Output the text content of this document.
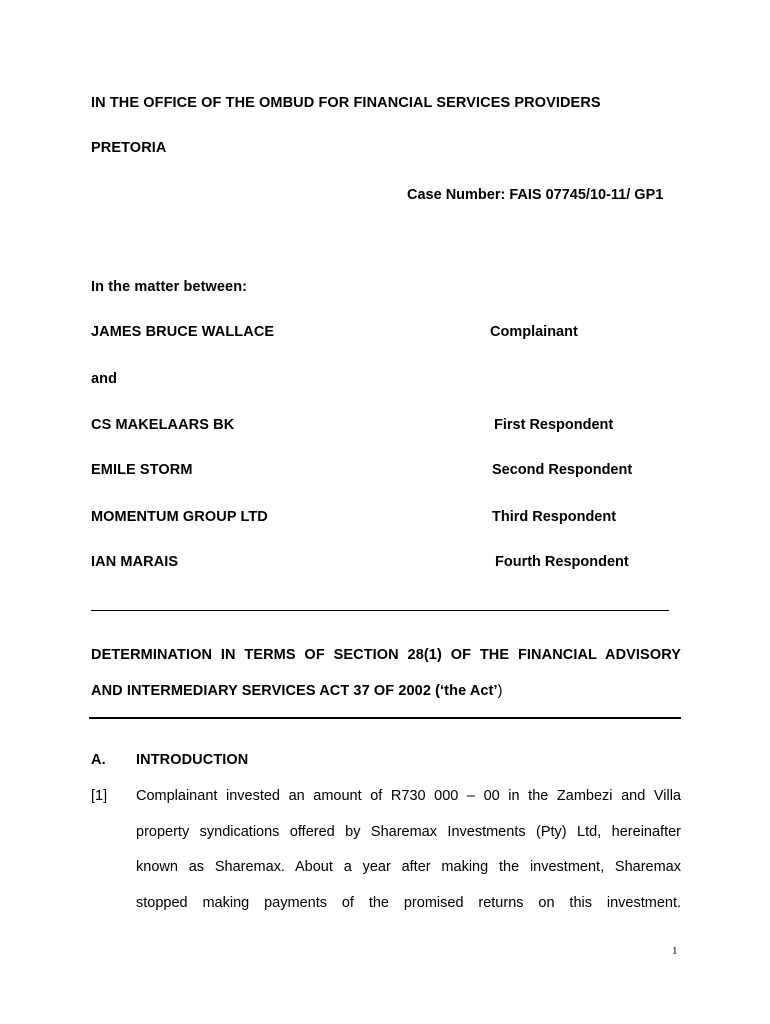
IN THE OFFICE OF THE OMBUD FOR FINANCIAL SERVICES PROVIDERS
PRETORIA
Case Number: FAIS 07745/10-11/ GP1
In the matter between:
JAMES BRUCE WALLACE	Complainant
and
CS MAKELAARS BK	First Respondent
EMILE STORM	Second Respondent
MOMENTUM GROUP LTD	Third Respondent
IAN MARAIS	Fourth Respondent
DETERMINATION IN TERMS OF SECTION 28(1) OF THE FINANCIAL ADVISORY
AND INTERMEDIARY SERVICES ACT 37 OF 2002 (‘the Act’)
A. INTRODUCTION
[1] Complainant invested an amount of R730 000 – 00 in the Zambezi and Villa
property syndications offered by Sharemax Investments (Pty) Ltd, hereinafter
known as Sharemax. About a year after making the investment, Sharemax
stopped making payments of the promised returns on this investment.
1
